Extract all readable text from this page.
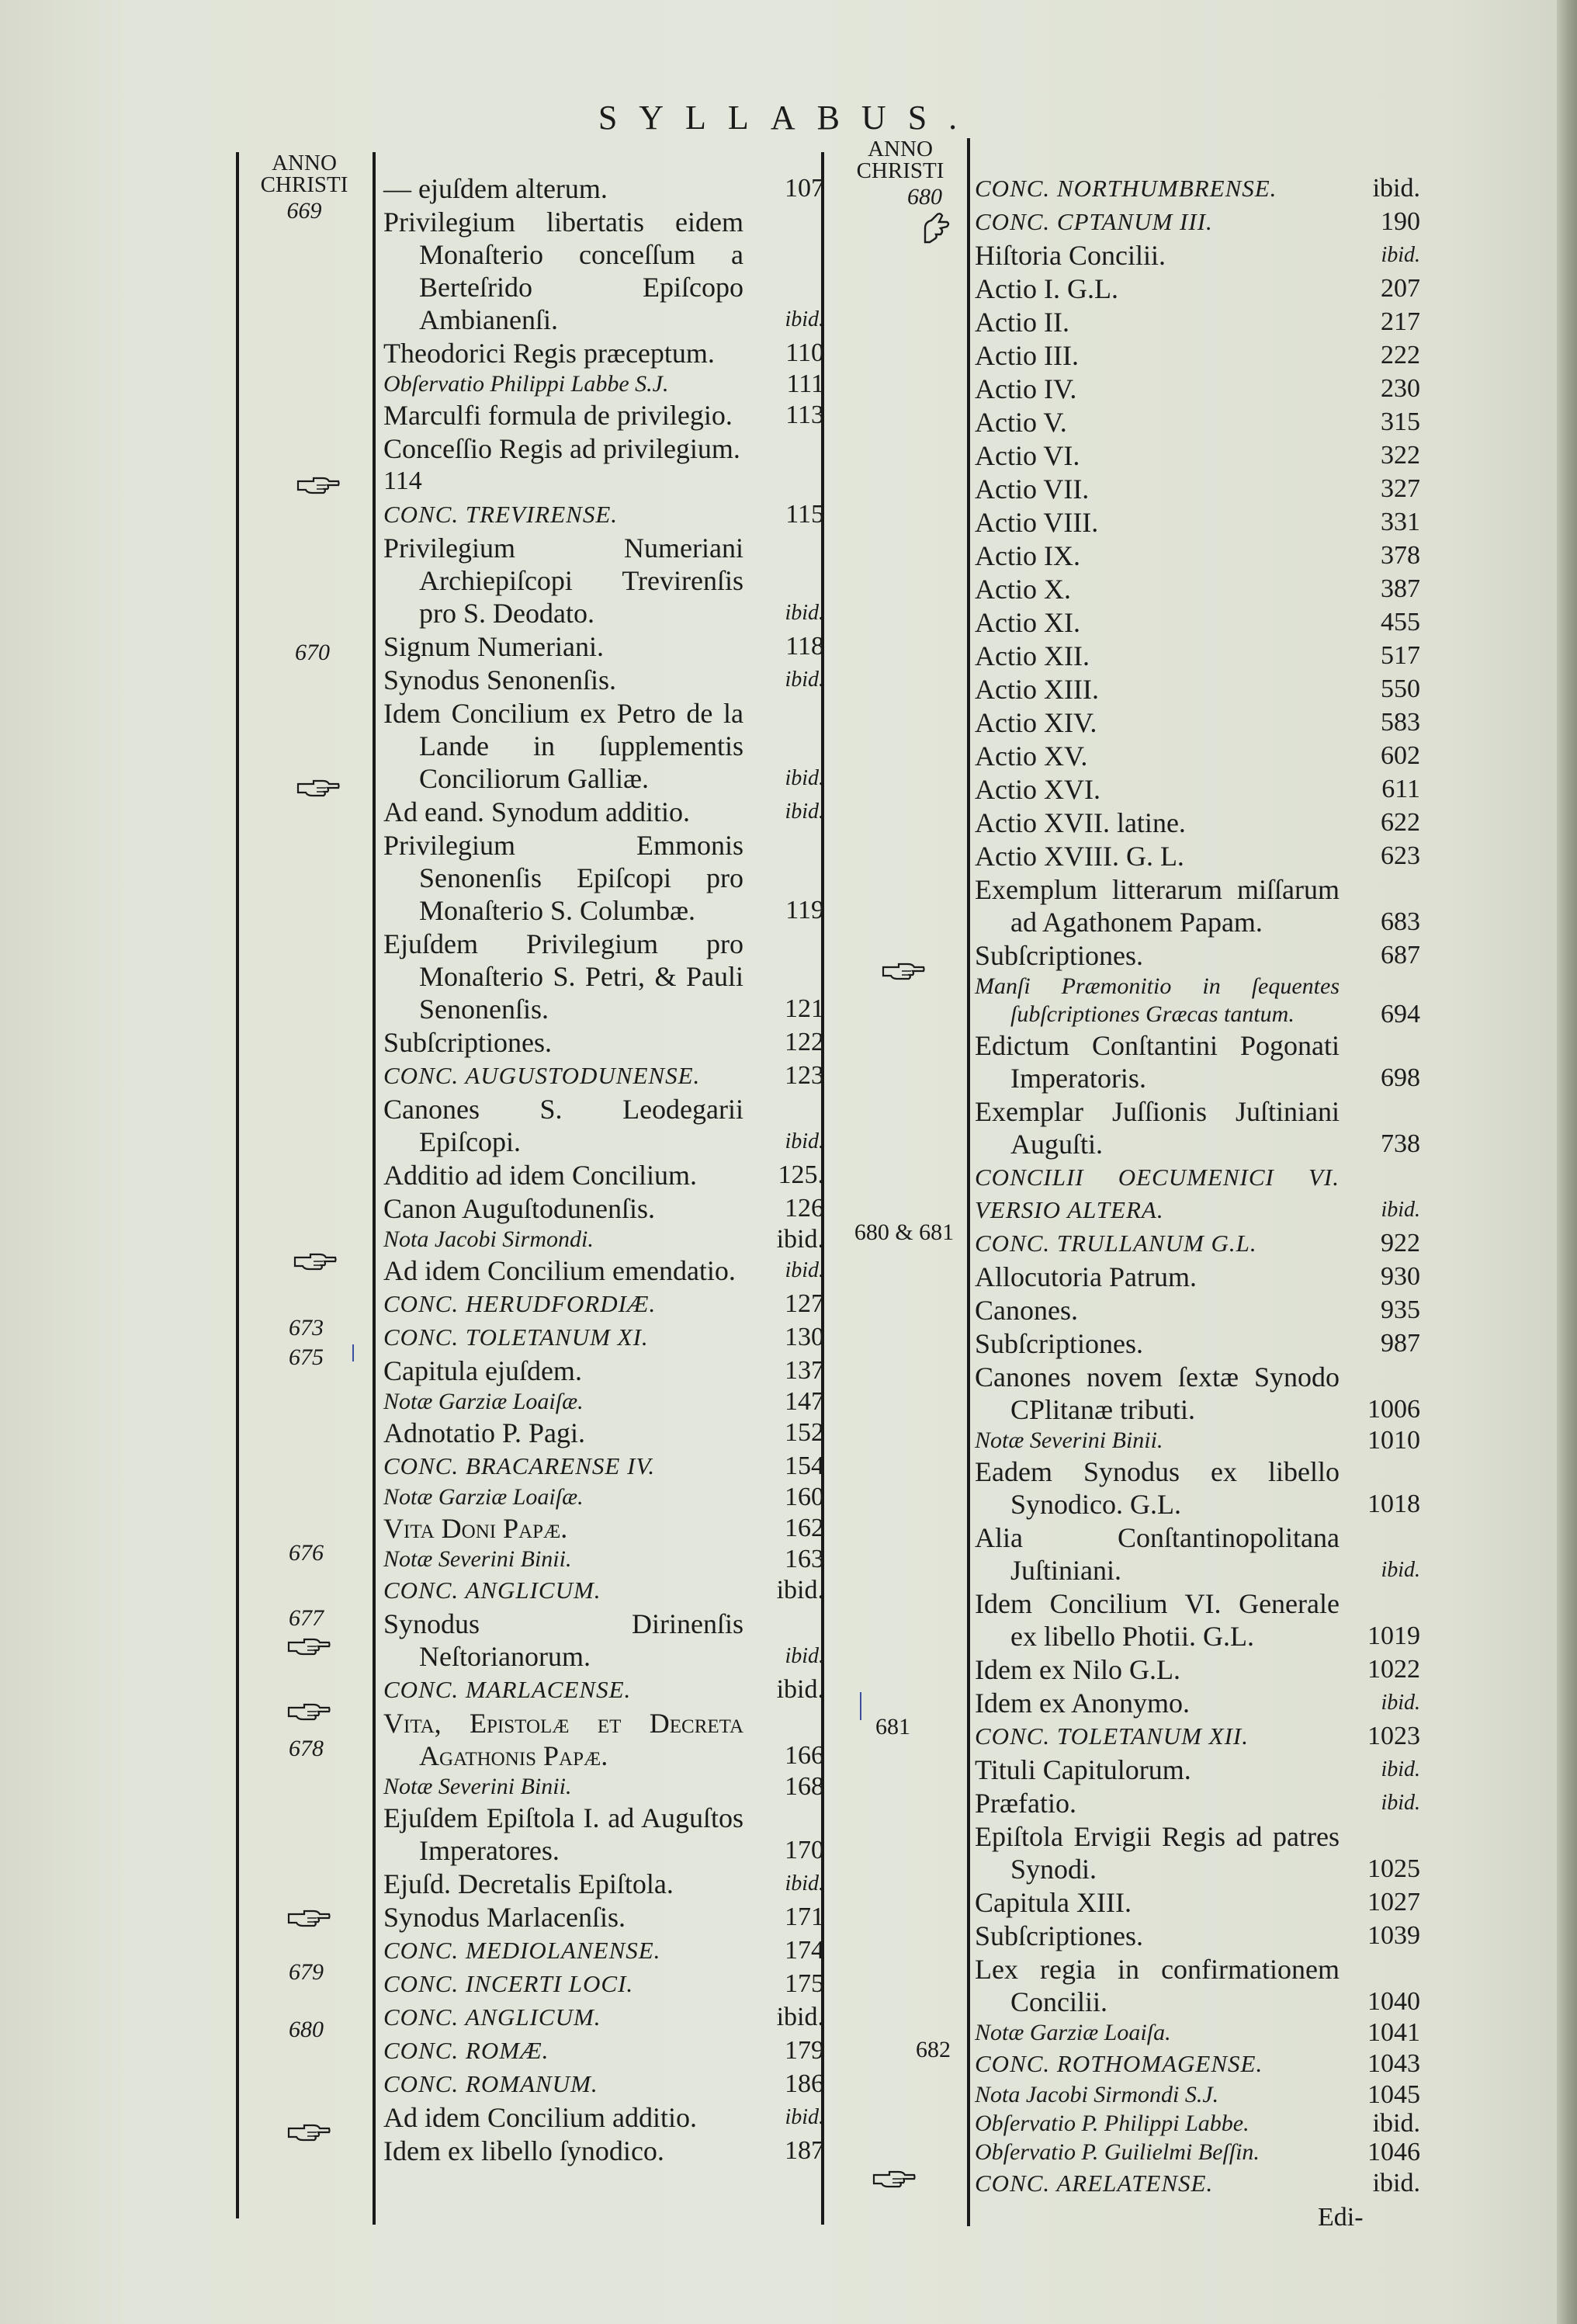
SYLLABUS.
ANNO
CHRISTI
669
ANNO
CHRISTI
680
— ejuſdem alterum.	107
Privilegium libertatis eidem Monaſterio conceſſum a Berteſrido Epiſcopo Ambianenſi.	ibid.
Theodorici Regis præceptum.	110
Obſervatio Philippi Labbe S.J.	111
Marculfi formula de privilegio.	113
Conceſſio Regis ad privilegium.
114
CONC. TREVIRENSE.	115
Privilegium Numeriani Archiepiſcopi Trevirenſis pro S. Deodato.	ibid.
Signum Numeriani.	118
Synodus Senonenſis.	ibid.
Idem Concilium ex Petro de la Lande in ſupplementis Conciliorum Galliæ.	ibid.
Ad eand. Synodum additio.	ibid.
Privilegium Emmonis Senonenſis Epiſcopi pro Monaſterio S. Columbæ.	119
Ejuſdem Privilegium pro Monaſterio S. Petri, & Pauli Senonenſis.	121
Subſcriptiones.	122
CONC. AUGUSTODUNENSE.	123
Canones S. Leodegarii Epiſcopi.	ibid.
Additio ad idem Concilium.	125.
Canon Auguſtodunenſis.	126
Nota Jacobi Sirmondi.	ibid.
Ad idem Concilium emendatio.	ibid.
CONC. HERUDFORDIÆ.	127
CONC. TOLETANUM XI.	130
Capitula ejuſdem.	137
Notæ Garziæ Loaiſæ.	147
Adnotatio P. Pagi.	152
CONC. BRACARENSE IV.	154
Notæ Garziæ Loaiſæ.	160
Vita Doni Papæ.	162
Notæ Severini Binii.	163
CONC. ANGLICUM.	ibid.
Synodus Dirinenſis Neſtorianorum.	ibid.
CONC. MARLACENSE.	ibid.
Vita, Epistolæ et Decreta Agathonis Papæ.	166
Notæ Severini Binii.	168
Ejuſdem Epiſtola I. ad Auguſtos Imperatores.	170
Ejuſd. Decretalis Epiſtola.	ibid.
Synodus Marlacenſis.	171
CONC. MEDIOLANENSE.	174
CONC. INCERTI LOCI.	175
CONC. ANGLICUM.	ibid.
CONC. ROMÆ.	179
CONC. ROMANUM.	186
Ad idem Concilium additio.	ibid.
Idem ex libello ſynodico.	187
670
673
675
676
677
678
679
680
CONC. NORTHUMBRENSE.	ibid.
CONC. CPTANUM III.	190
Hiſtoria Concilii.	ibid.
Actio I. G.L.	207
Actio II.	217
Actio III.	222
Actio IV.	230
Actio V.	315
Actio VI.	322
Actio VII.	327
Actio VIII.	331
Actio IX.	378
Actio X.	387
Actio XI.	455
Actio XII.	517
Actio XIII.	550
Actio XIV.	583
Actio XV.	602
Actio XVI.	611
Actio XVII. latine.	622
Actio XVIII. G. L.	623
Exemplum litterarum miſſarum ad Agathonem Papam.	683
Subſcriptiones.	687
Manſi Præmonitio in ſequentes ſubſcriptiones Græcas tantum.	694
Edictum Conſtantini Pogonati Imperatoris.	698
Exemplar Juſſionis Juſtiniani Auguſti.	738
CONCILII OECUMENICI VI. VERSIO ALTERA.	ibid.
CONC. TRULLANUM G.L.	922
Allocutoria Patrum.	930
Canones.	935
Subſcriptiones.	987
Canones novem ſextæ Synodo CPlitanæ tributi.	1006
Notæ Severini Binii.	1010
Eadem Synodus ex libello Synodico. G.L.	1018
Alia Conſtantinopolitana Juſtiniani.	ibid.
Idem Concilium VI. Generale ex libello Photii. G.L.	1019
Idem ex Nilo G.L.	1022
Idem ex Anonymo.	ibid.
CONC. TOLETANUM XII.	1023
Tituli Capitulorum.	ibid.
Præfatio.	ibid.
Epiſtola Ervigii Regis ad patres Synodi.	1025
Capitula XIII.	1027
Subſcriptiones.	1039
Lex regia in confirmationem Concilii.	1040
Notæ Garziæ Loaiſa.	1041
CONC. ROTHOMAGENSE.	1043
Nota Jacobi Sirmondi S.J.	1045
Obſervatio P. Philippi Labbe.	ibid.
Obſervatio P. Guilielmi Beſſin.	1046
CONC. ARELATENSE.	ibid.
680 & 681
681
682
Edi-
